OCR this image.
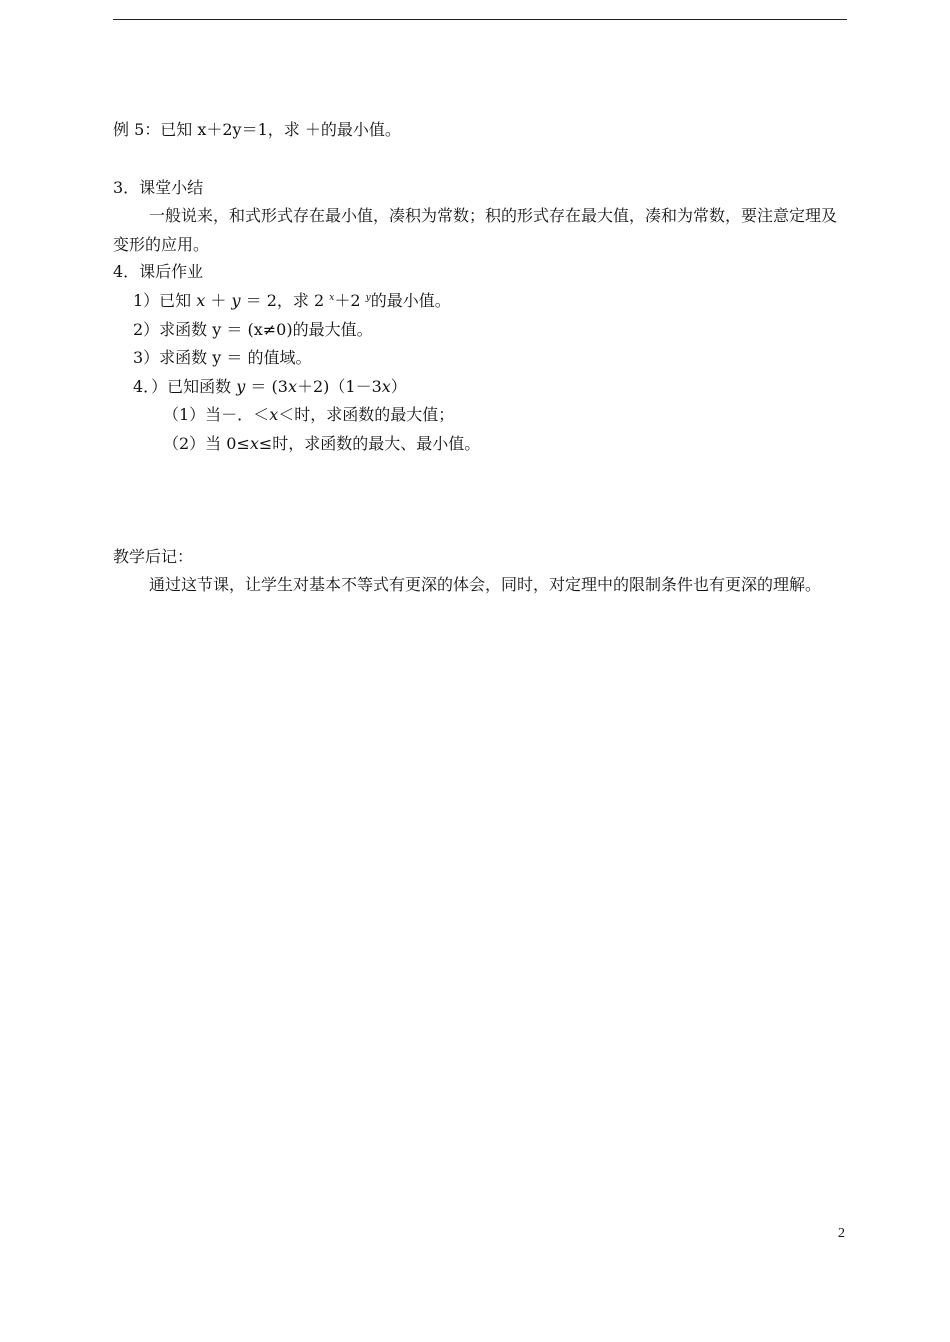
例 5：已知 x＋2y＝1，求 ＋的最小值。
3．课堂小结
一般说来，和式形式存在最小值，凑积为常数；积的形式存在最大值，凑和为常数，要注意定理及变形的应用。
4．课后作业
1）已知 x ＋ y ＝ 2，求 2 $^x$＋2 $^y$的最小值。
2）求函数 y ＝ (x≠0)的最大值。
3）求函数 y ＝ 的值域。
4．）已知函数 y ＝ (3x＋2)（1－3x）
（1）当－．＜x＜时，求函数的最大值；
（2）当 0≤x≤时，求函数的最大、最小值。
教学后记：
通过这节课，让学生对基本不等式有更深的体会，同时，对定理中的限制条件也有更深的理解。
2
